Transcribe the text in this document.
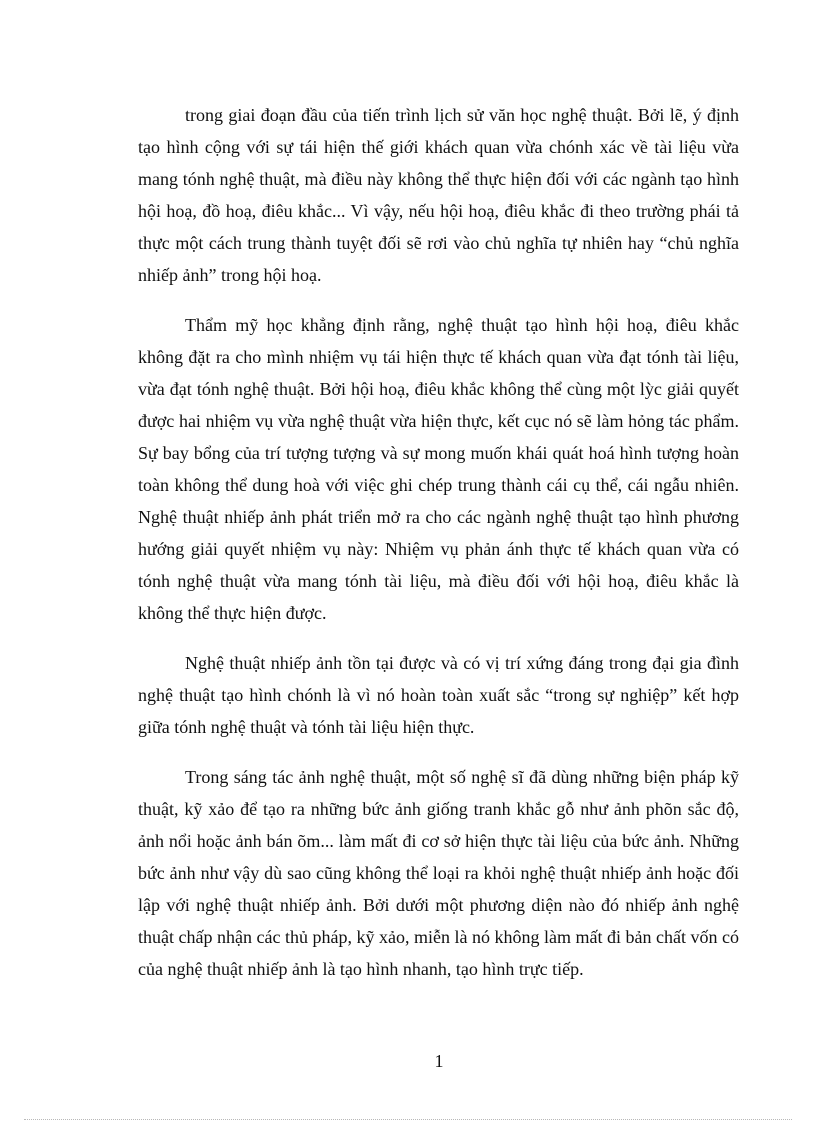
trong giai đoạn đầu của tiến trình lịch sử văn học nghệ thuật. Bởi lẽ, ý định tạo hình cộng với sự tái hiện thế giới khách quan vừa chónh xác về tài liệu vừa mang tónh nghệ thuật, mà điều này không thể thực hiện đối với các ngành tạo hình hội hoạ, đồ hoạ, điêu khắc... Vì vậy, nếu hội hoạ, điêu khắc đi theo trường phái tả thực một cách trung thành tuyệt đối sẽ rơi vào chủ nghĩa tự nhiên hay “chủ nghĩa nhiếp ảnh” trong hội hoạ.

Thẩm mỹ học khẳng định rằng, nghệ thuật tạo hình hội hoạ, điêu khắc không đặt ra cho mình nhiệm vụ tái hiện thực tế khách quan vừa đạt tónh tài liệu, vừa đạt tónh nghệ thuật. Bởi hội hoạ, điêu khắc không thể cùng một lỳc giải quyết được hai nhiệm vụ vừa nghệ thuật vừa hiện thực, kết cục nó sẽ làm hỏng tác phẩm. Sự bay bổng của trí tượng tượng và sự mong muốn khái quát hoá hình tượng hoàn toàn không thể dung hoà với việc ghi chép trung thành cái cụ thể, cái ngẫu nhiên. Nghệ thuật nhiếp ảnh phát triển mở ra cho các ngành nghệ thuật tạo hình phương hướng giải quyết nhiệm vụ này: Nhiệm vụ phản ánh thực tế khách quan vừa có tónh nghệ thuật vừa mang tónh tài liệu, mà điều đối với hội hoạ, điêu khắc là không thể thực hiện được.

Nghệ thuật nhiếp ảnh tồn tại được và có vị trí xứng đáng trong đại gia đình nghệ thuật tạo hình chónh là vì nó hoàn toàn xuất sắc “trong sự nghiệp” kết hợp giữa tónh nghệ thuật và tónh tài liệu hiện thực.

Trong sáng tác ảnh nghệ thuật, một số nghệ sĩ đã dùng những biện pháp kỹ thuật, kỹ xảo để tạo ra những bức ảnh giống tranh khắc gỗ như ảnh phõn sắc độ, ảnh nổi hoặc ảnh bán õm... làm mất đi cơ sở hiện thực tài liệu của bức ảnh. Những bức ảnh như vậy dù sao cũng không thể loại ra khỏi nghệ thuật nhiếp ảnh hoặc đối lập với nghệ thuật nhiếp ảnh. Bởi dưới một phương diện nào đó nhiếp ảnh nghệ thuật chấp nhận các thủ pháp, kỹ xảo, miễn là nó không làm mất đi bản chất vốn có của nghệ thuật nhiếp ảnh là tạo hình nhanh, tạo hình trực tiếp.

1
